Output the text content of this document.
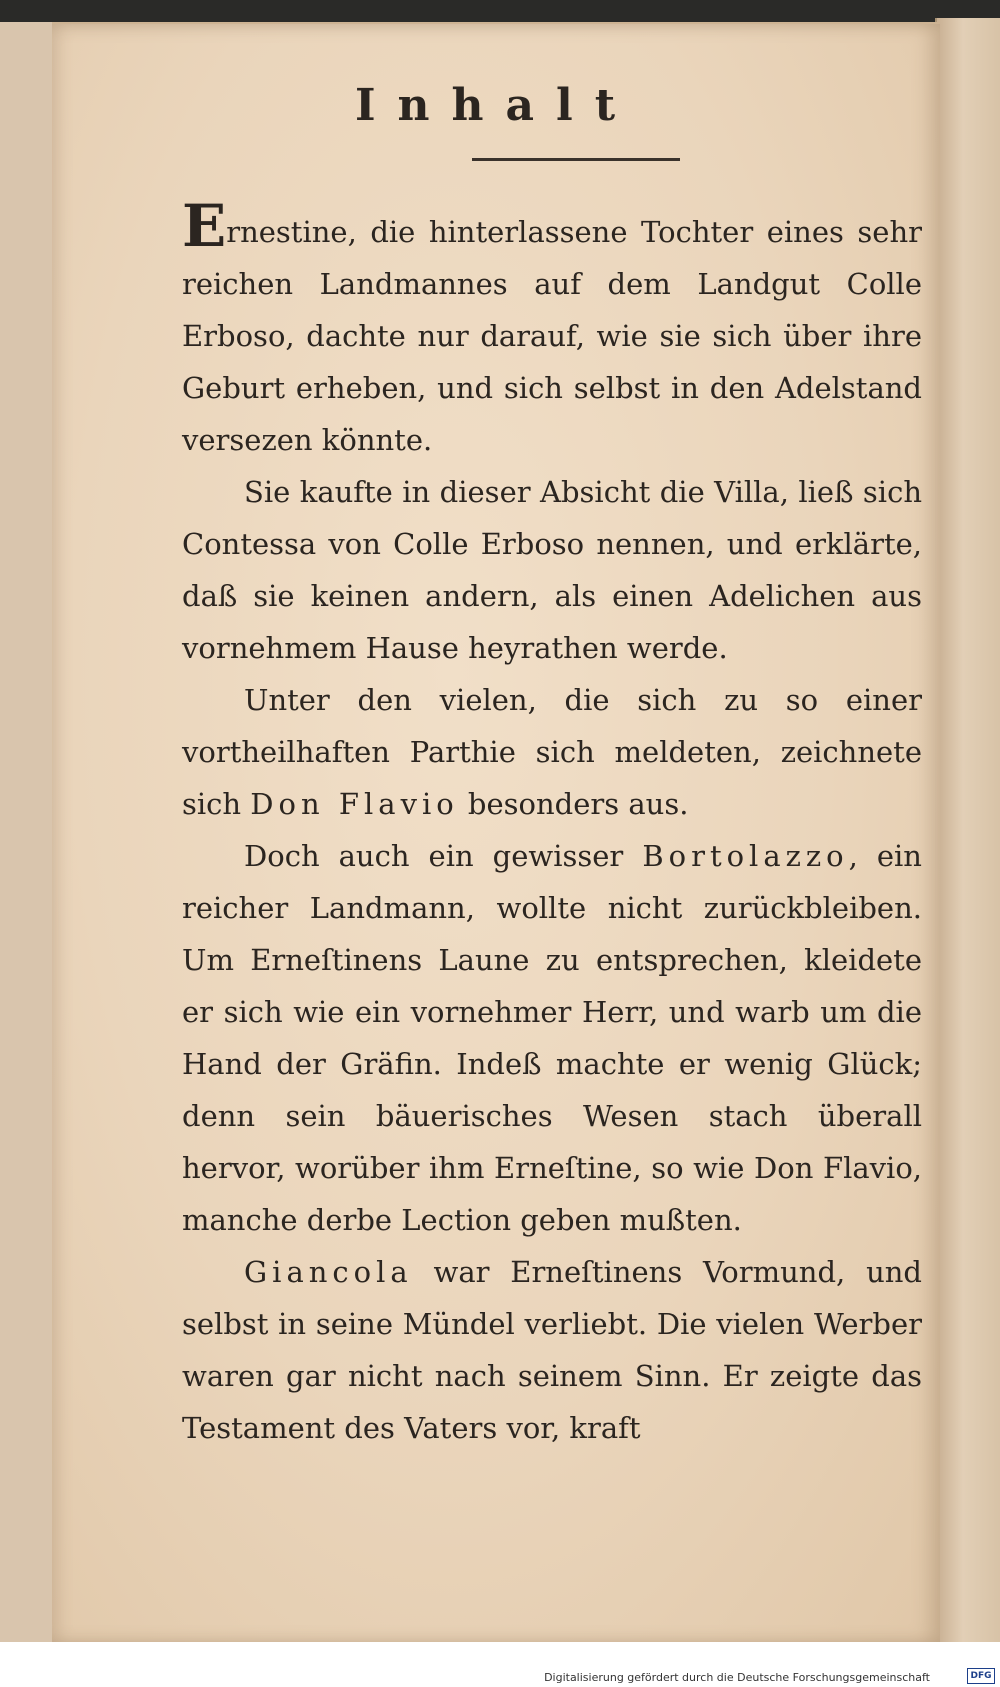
Inhalt

Ernestine, die hinterlassene Tochter eines sehr reichen Landmannes auf dem Landgut Colle Erboso, dachte nur darauf, wie sie sich über ihre Geburt erheben, und sich selbst in den Adelstand versezen könnte.

Sie kaufte in dieser Absicht die Villa, ließ sich Contessa von Colle Erboso nennen, und erklärte, daß sie keinen andern, als einen Adelichen aus vornehmem Hause heyrathen werde.

Unter den vielen, die sich zu so einer vortheilhaften Parthie sich meldeten, zeichnete sich Don Flavio besonders aus.

Doch auch ein gewisser Bortolazzo, ein reicher Landmann, wollte nicht zurückbleiben. Um Erneſtinens Laune zu entsprechen, kleidete er sich wie ein vornehmer Herr, und warb um die Hand der Gräfin. Indeß machte er wenig Glück; denn sein bäuerisches Wesen stach überall hervor, worüber ihm Erneſtine, so wie Don Flavio, manche derbe Lection geben mußten.

Giancola war Erneſtinens Vormund, und selbst in seine Mündel verliebt. Die vielen Werber waren gar nicht nach seinem Sinn. Er zeigte das Testament des Vaters vor, kraft

Digitalisierung gefördert durch die Deutsche Forschungsgemeinschaft	DFG
